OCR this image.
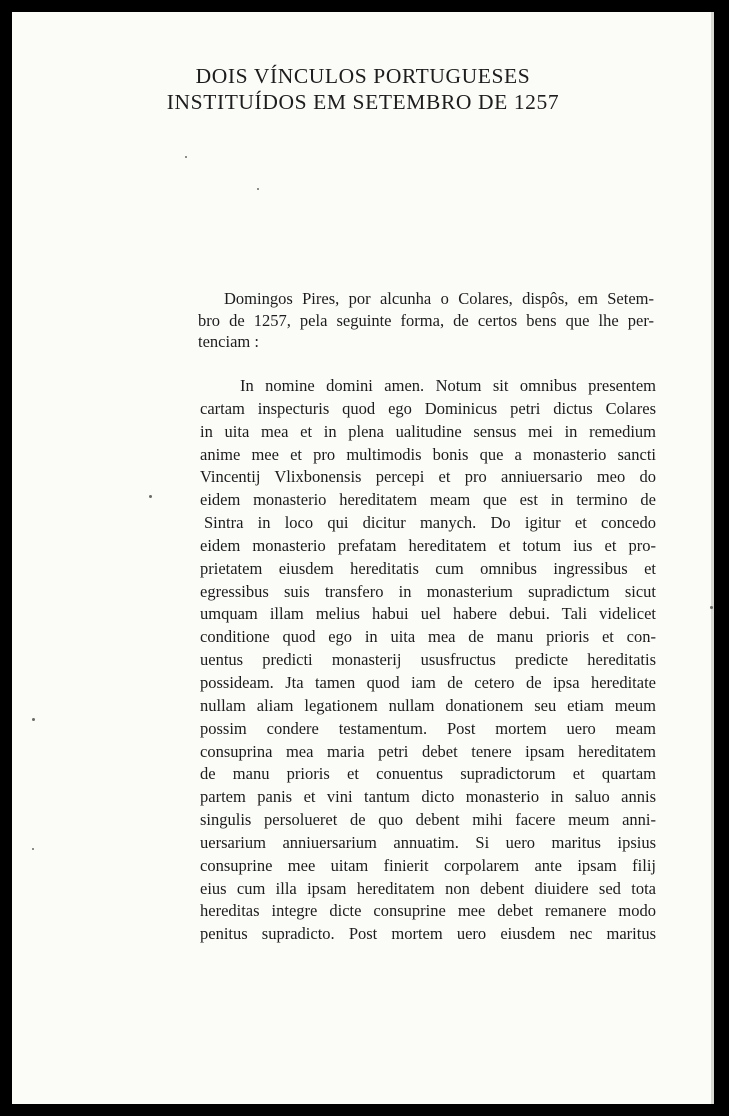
DOIS VÍNCULOS PORTUGUESES
INSTITUÍDOS EM SETEMBRO DE 1257
Domingos Pires, por alcunha o Colares, dispôs, em Setem-
bro de 1257, pela seguinte forma, de certos bens que lhe per-
tenciam :
In nomine domini amen. Notum sit omnibus presentem
cartam inspecturis quod ego Dominicus petri dictus Colares
in uita mea et in plena ualitudine sensus mei in remedium
anime mee et pro multimodis bonis que a monasterio sancti
Vincentij Vlixbonensis percepi et pro anniuersario meo do
eidem monasterio hereditatem meam que est in termino de
Sintra in loco qui dicitur manych. Do igitur et concedo
eidem monasterio prefatam hereditatem et totum ius et pro-
prietatem eiusdem hereditatis cum omnibus ingressibus et
egressibus suis transfero in monasterium supradictum sicut
umquam illam melius habui uel habere debui. Tali videlicet
conditione quod ego in uita mea de manu prioris et con-
uentus predicti monasterij ususfructus predicte hereditatis
possideam. Jta tamen quod iam de cetero de ipsa hereditate
nullam aliam legationem nullam donationem seu etiam meum
possim condere testamentum. Post mortem uero meam
consuprina mea maria petri debet tenere ipsam hereditatem
de manu prioris et conuentus supradictorum et quartam
partem panis et vini tantum dicto monasterio in saluo annis
singulis persolueret de quo debent mihi facere meum anni-
uersarium anniuersarium annuatim. Si uero maritus ipsius
consuprine mee uitam finierit corpolarem ante ipsam filij
eius cum illa ipsam hereditatem non debent diuidere sed tota
hereditas integre dicte consuprine mee debet remanere modo
penitus supradicto. Post mortem uero eiusdem nec maritus
